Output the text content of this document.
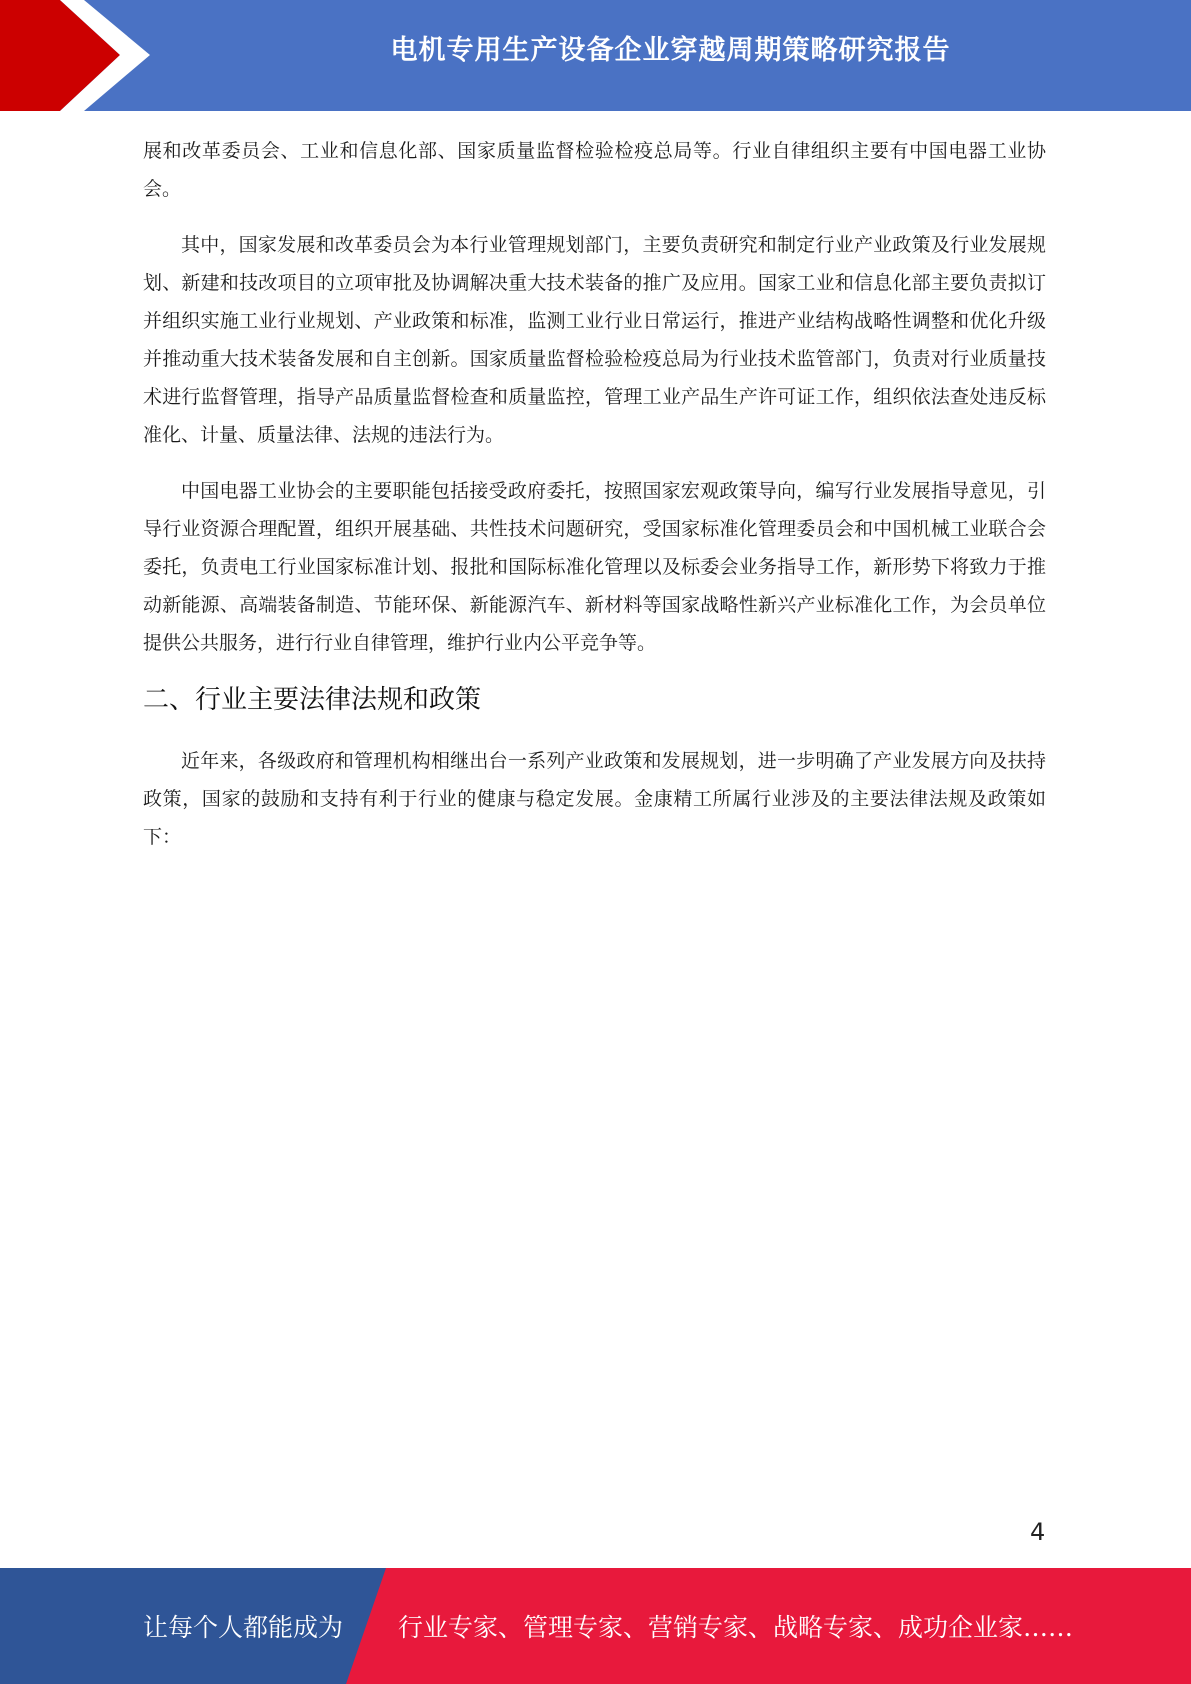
电机专用生产设备企业穿越周期策略研究报告

展和改革委员会、工业和信息化部、国家质量监督检验检疫总局等。行业自律组织主要有中国电器工业协会。

其中，国家发展和改革委员会为本行业管理规划部门，主要负责研究和制定行业产业政策及行业发展规划、新建和技改项目的立项审批及协调解决重大技术装备的推广及应用。国家工业和信息化部主要负责拟订并组织实施工业行业规划、产业政策和标准，监测工业行业日常运行，推进产业结构战略性调整和优化升级并推动重大技术装备发展和自主创新。国家质量监督检验检疫总局为行业技术监管部门，负责对行业质量技术进行监督管理，指导产品质量监督检查和质量监控，管理工业产品生产许可证工作，组织依法查处违反标准化、计量、质量法律、法规的违法行为。

中国电器工业协会的主要职能包括接受政府委托，按照国家宏观政策导向，编写行业发展指导意见，引导行业资源合理配置，组织开展基础、共性技术问题研究，受国家标准化管理委员会和中国机械工业联合会委托，负责电工行业国家标准计划、报批和国际标准化管理以及标委会业务指导工作，新形势下将致力于推动新能源、高端装备制造、节能环保、新能源汽车、新材料等国家战略性新兴产业标准化工作，为会员单位提供公共服务，进行行业自律管理，维护行业内公平竞争等。

二、行业主要法律法规和政策

近年来，各级政府和管理机构相继出台一系列产业政策和发展规划，进一步明确了产业发展方向及扶持政策，国家的鼓励和支持有利于行业的健康与稳定发展。金康精工所属行业涉及的主要法律法规及政策如下：

4
让每个人都能成为 行业专家、管理专家、营销专家、战略专家、成功企业家……
